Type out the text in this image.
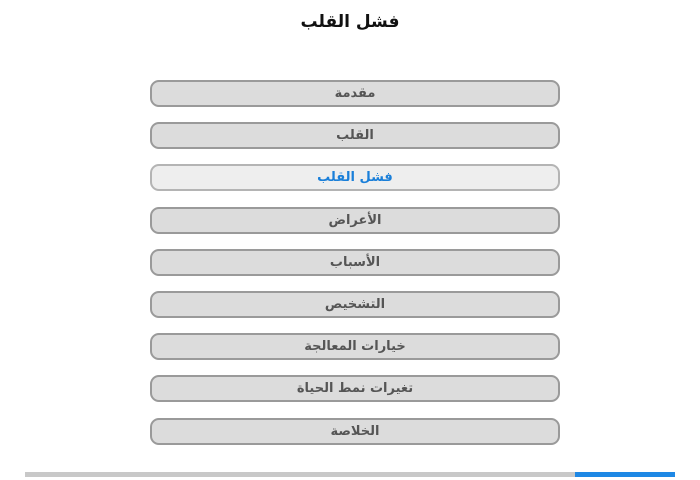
فشل القلب
مقدمة
القلب
فشل القلب
الأعراض
الأسباب
التشخيص
خيارات المعالجة
تغيرات نمط الحياة
الخلاصة
